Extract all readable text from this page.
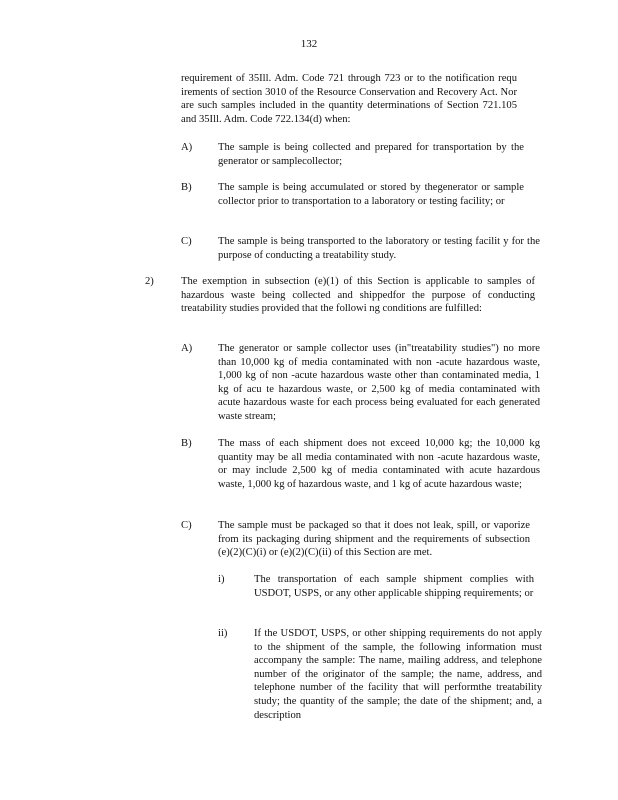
132
requirement of 35Ill. Adm. Code 721 through 723 or to the notification requ irements of section 3010 of the Resource Conservation and Recovery Act. Nor are such samples included in the quantity determinations of Section 721.105 and 35Ill. Adm. Code 722.134(d) when:
A) The sample is being collected and prepared for transportation by the generator or samplecollector;
B) The sample is being accumulated or stored by thegenerator or sample collector prior to transportation to a laboratory or testing facility; or
C) The sample is being transported to the laboratory or testing facilit y for the purpose of conducting a treatability study.
2)	The exemption in subsection (e)(1) of this Section is applicable to samples of hazardous waste being collected and shippedfor the purpose of conducting treatability studies provided that the followi ng conditions are fulfilled:
A) The generator or sample collector uses (in"treatability studies") no more than 10,000 kg of media contaminated with non -acute hazardous waste, 1,000 kg of non -acute hazardous waste other than contaminated media, 1 kg of acu te hazardous waste, or 2,500 kg of media contaminated with acute hazardous waste for each process being evaluated for each generated waste stream;
B) The mass of each shipment does not exceed 10,000 kg; the 10,000 kg quantity may be all media contaminated with non -acute hazardous waste, or may include 2,500 kg of media contaminated with acute hazardous waste, 1,000 kg of hazardous waste, and 1 kg of acute hazardous waste;
C) The sample must be packaged so that it does not leak, spill, or vaporize from its packaging during shipment and the requirements of subsection (e)(2)(C)(i) or (e)(2)(C)(ii) of this Section are met.
i)	The transportation of each sample shipment complies with USDOT, USPS, or any other applicable shipping requirements; or
ii)	If the USDOT, USPS, or other shipping requirements do not apply to the shipment of the sample, the following information must accompany the sample: The name, mailing address, and telephone number of the originator of the sample; the name, address, and telephone number of the facility that will performthe treatability study; the quantity of the sample; the date of the shipment; and, a description
